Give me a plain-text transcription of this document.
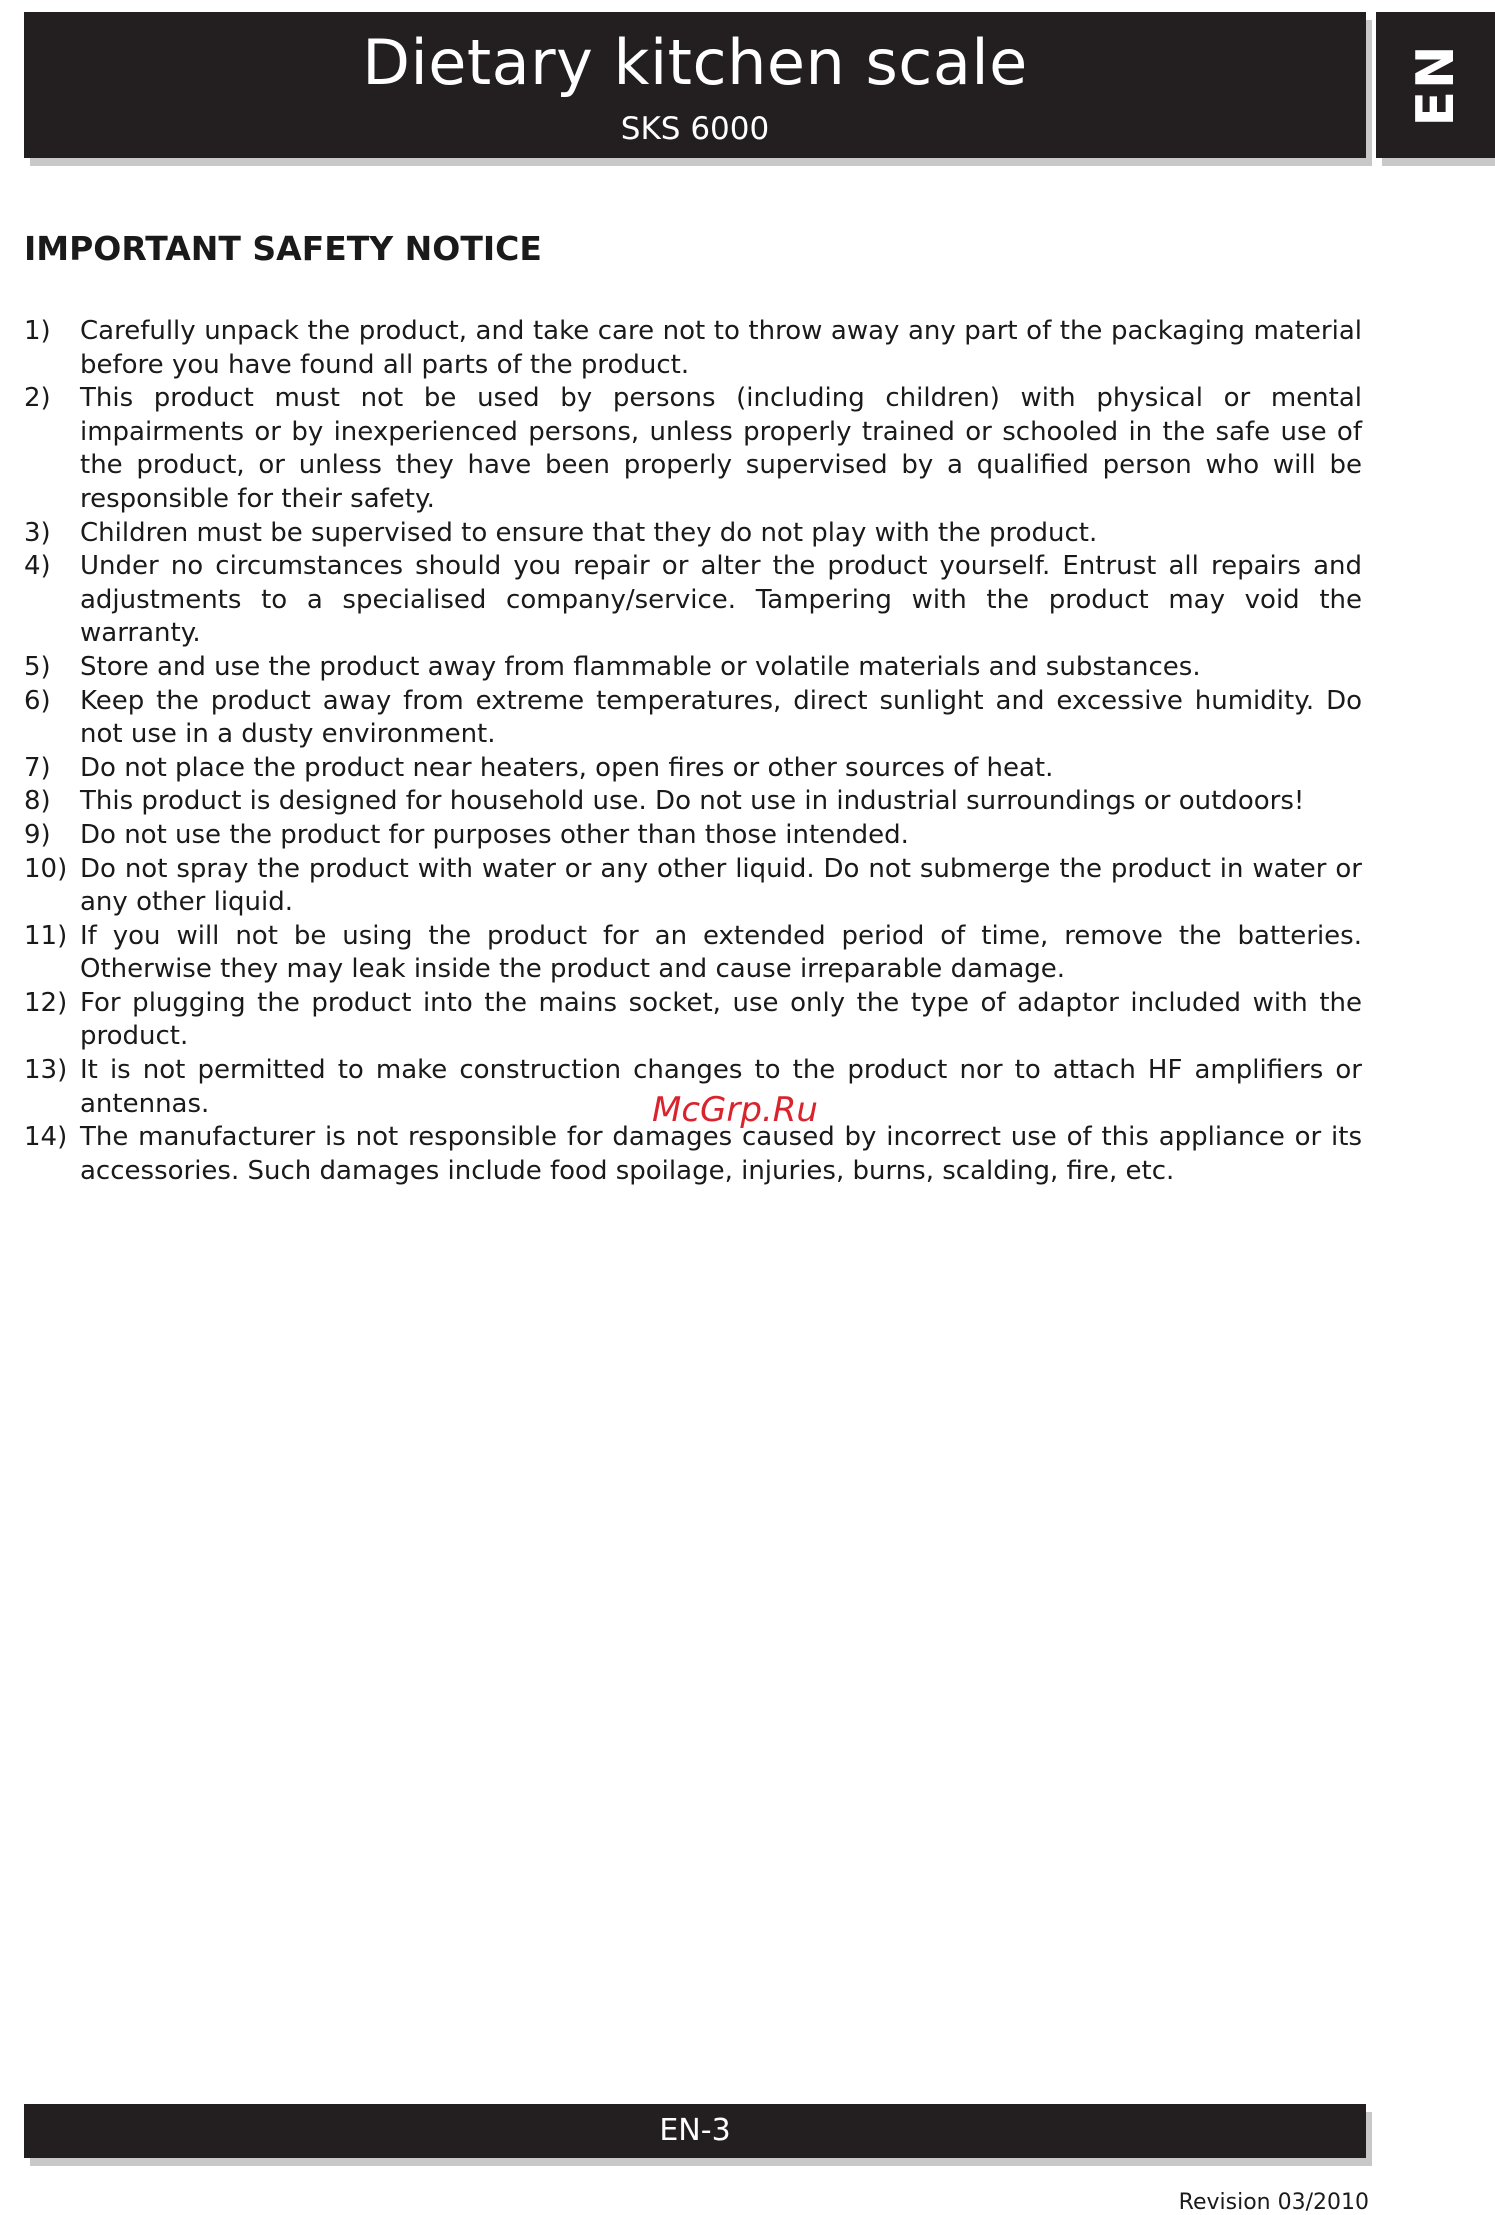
Dietary kitchen scale
SKS 6000
EN
IMPORTANT SAFETY NOTICE
1)	Carefully unpack the product, and take care not to throw away any part of the packaging material before you have found all parts of the product.
2)	This product must not be used by persons (including children) with physical or mental impairments or by inexperienced persons, unless properly trained or schooled in the safe use of the product, or unless they have been properly supervised by a qualified person who will be responsible for their safety.
3)	Children must be supervised to ensure that they do not play with the product.
4)	Under no circumstances should you repair or alter the product yourself. Entrust all repairs and adjustments to a specialised company/service. Tampering with the product may void the warranty.
5)	Store and use the product away from flammable or volatile materials and substances.
6)	Keep the product away from extreme temperatures, direct sunlight and excessive humidity. Do not use in a dusty environment.
7)	Do not place the product near heaters, open fires or other sources of heat.
8)	This product is designed for household use. Do not use in industrial surroundings or outdoors!
9)	Do not use the product for purposes other than those intended.
10) Do not spray the product with water or any other liquid. Do not submerge the product in water or any other liquid.
11) If you will not be using the product for an extended period of time, remove the batteries. Otherwise they may leak inside the product and cause irreparable damage.
12) For plugging the product into the mains socket, use only the type of adaptor included with the product.
13) It is not permitted to make construction changes to the product nor to attach HF amplifiers or antennas.
14) The manufacturer is not responsible for damages caused by incorrect use of this appliance or its accessories. Such damages include food spoilage, injuries, burns, scalding, fire, etc.
McGrp.Ru
EN-3
Revision 03/2010
